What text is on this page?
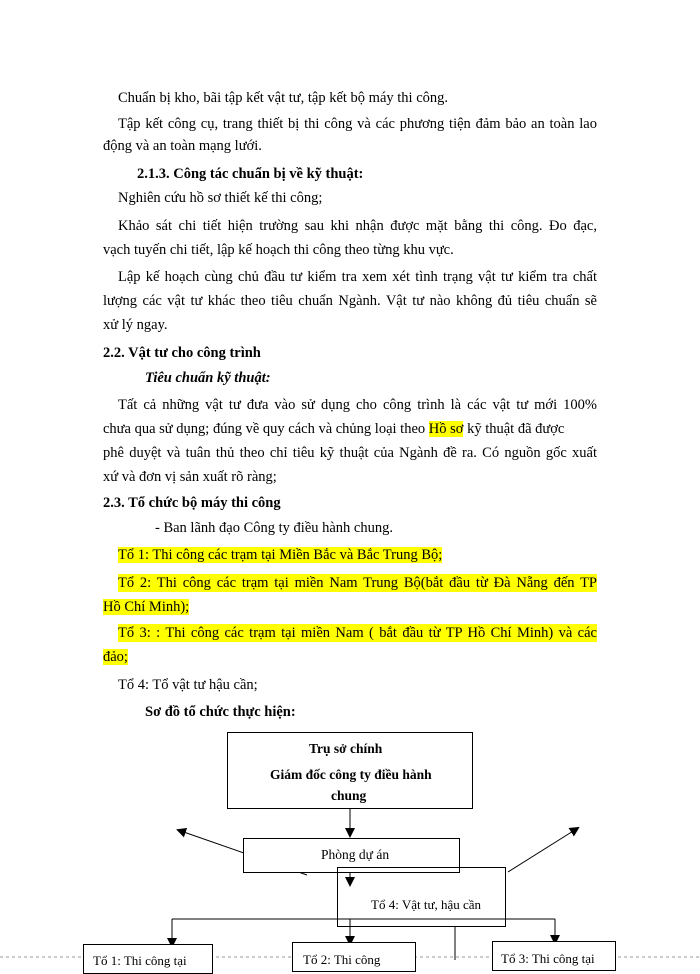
Chuẩn bị kho, bãi tập kết vật tư, tập kết bộ máy thi công.
Tập kết công cụ, trang thiết bị thi công và các phương tiện đảm bảo an toàn lao
động và an toàn mạng lưới.
2.1.3. Công tác chuẩn bị về kỹ thuật:
Nghiên cứu hồ sơ thiết kế thi công;
Khảo sát chi tiết hiện trường sau khi nhận được mặt bằng thi công. Đo đạc,
vạch tuyến chi tiết, lập kế hoạch thi công theo từng khu vực.
Lập kế hoạch cùng chủ đầu tư kiểm tra xem xét tình trạng vật tư kiểm tra chất
lượng các vật tư khác theo tiêu chuẩn Ngành. Vật tư nào không đủ tiêu chuẩn sẽ
xử lý ngay.
2.2. Vật tư cho công trình
Tiêu chuẩn kỹ thuật:
Tất cả những vật tư đưa vào sử dụng cho công trình là các vật tư mới 100%
chưa qua sử dụng; đúng về quy cách và chủng loại theo Hồ sơ kỹ thuật đã được
phê duyệt và tuân thủ theo chỉ tiêu kỹ thuật của Ngành đề ra. Có nguồn gốc xuất
xứ và đơn vị sản xuất rõ ràng;
2.3. Tổ chức bộ máy thi công
- Ban lãnh đạo Công ty điều hành chung.
Tổ 1: Thi công các trạm tại Miền Bắc và Bắc Trung Bộ;
Tổ 2: Thi công các trạm tại miền Nam Trung Bộ(bắt đầu từ Đà Nẵng đến TP
Hồ Chí Minh);
Tổ 3: : Thi công các trạm tại miền Nam ( bắt đầu từ TP Hồ Chí Minh) và các
đảo;
Tổ 4: Tổ vật tư hậu cần;
Sơ đồ tổ chức thực hiện:
Trụ sở chính
Giám đốc công ty điều hành
chung
Phòng dự án
Tổ 4: Vật tư, hậu cần
Tổ 1: Thi công tại	Tổ 2: Thi công	Tổ 3: Thi công tại
